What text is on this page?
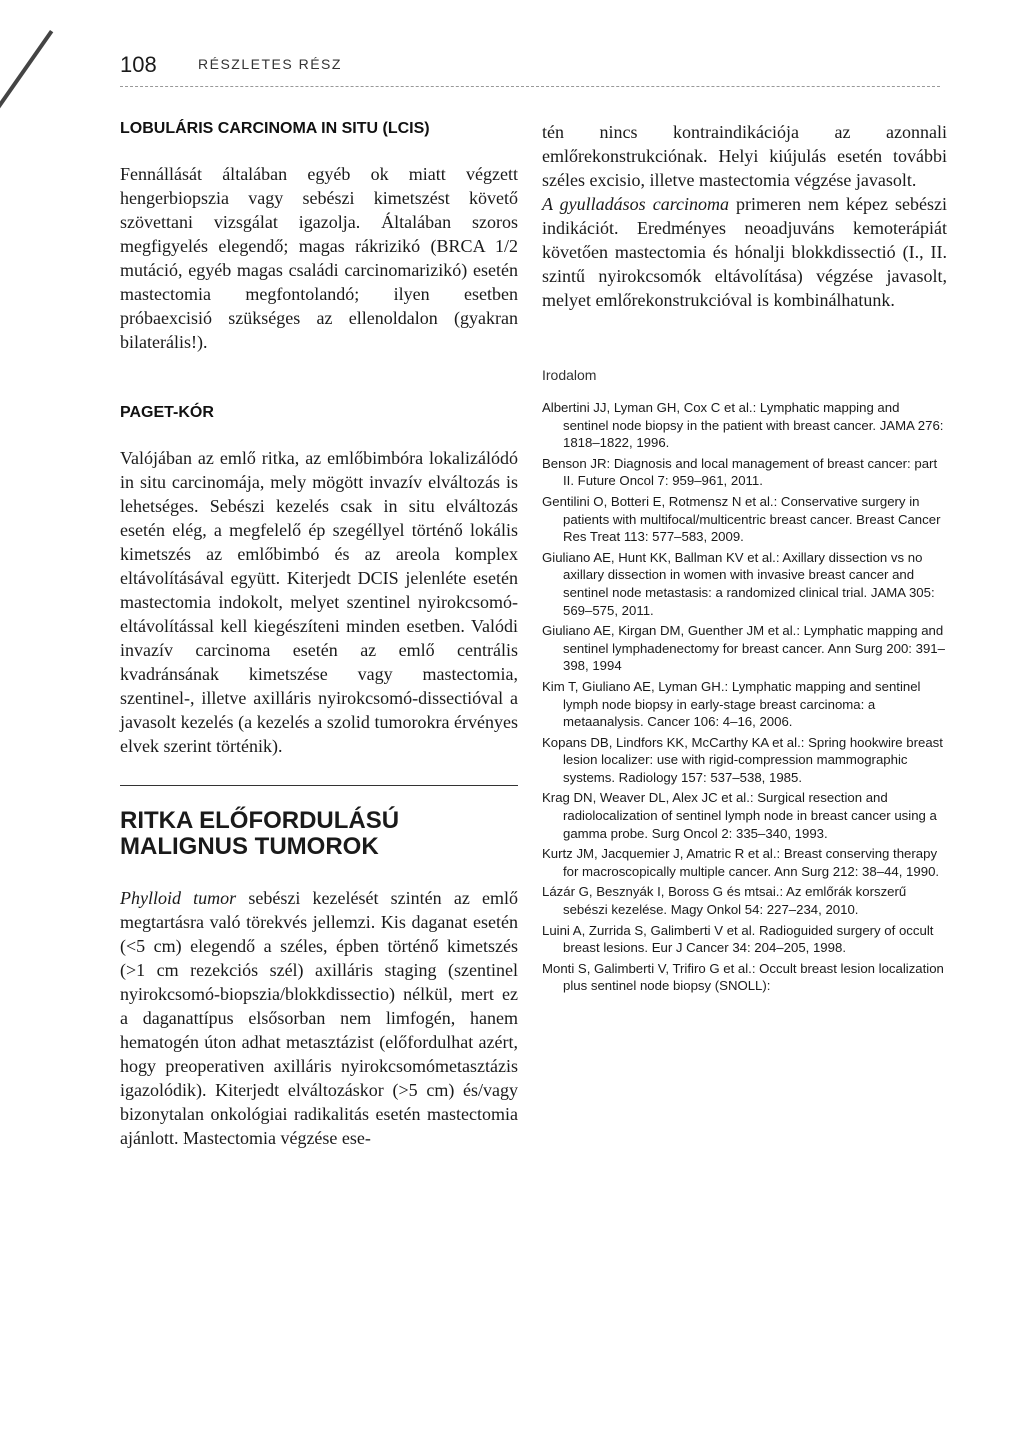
108	RÉSZLETES RÉSZ
LOBULÁRIS CARCINOMA IN SITU (LCIS)

Fennállását általában egyéb ok miatt végzett hengerbiopszia vagy sebészi kimetszést követő szövettani vizsgálat igazolja. Általában szoros megfigyelés elegendő; magas rákrizikó (BRCA 1/2 mutáció, egyéb magas családi carcinomarizikó) esetén mastectomia megfontolandó; ilyen esetben próbaexcisió szükséges az ellenoldalon (gyakran bilaterális!).

PAGET-KÓR

Valójában az emlő ritka, az emlőbimbóra lokalizálódó in situ carcinomája, mely mögött invazív elváltozás is lehetséges. Sebészi kezelés csak in situ elváltozás esetén elég, a megfelelő ép szegéllyel történő lokális kimetszés az emlőbimbó és az areola komplex eltávolításával együtt. Kiterjedt DCIS jelenléte esetén mastectomia indokolt, melyet szentinel nyirokcsomó-eltávolítással kell kiegészíteni minden esetben. Valódi invazív carcinoma esetén az emlő centrális kvadránsának kimetszése vagy mastectomia, szentinel-, illetve axilláris nyirokcsomó-dissectióval a javasolt kezelés (a kezelés a szolid tumorokra érvényes elvek szerint történik).

RITKA ELŐFORDULÁSÚ
MALIGNUS TUMOROK

Phylloid tumor sebészi kezelését szintén az emlő megtartásra való törekvés jellemzi. Kis daganat esetén (<5 cm) elegendő a széles, épben történő kimetszés (>1 cm rezekciós szél) axilláris staging (szentinel nyirokcsomó-biopszia/blokkdissectio) nélkül, mert ez a daganattípus elsősorban nem limfogén, hanem hematogén úton adhat metasztázist (előfordulhat azért, hogy preoperativen axilláris nyirokcsomómetasztázis igazolódik). Kiterjedt elváltozáskor (>5 cm) és/vagy bizonytalan onkológiai radikalitás esetén mastectomia ajánlott. Mastectomia végzése ese-

tén nincs kontraindikációja az azonnali emlőrekonstrukciónak. Helyi kiújulás esetén további széles excisio, illetve mastectomia végzése javasolt.

A gyulladásos carcinoma primeren nem képez sebészi indikációt. Eredményes neoadjuváns kemoterápiát követően mastectomia és hónalji blokkdissectió (I., II. szintű nyirokcsomók eltávolítása) végzése javasolt, melyet emlőrekonstrukcióval is kombinálhatunk.

Irodalom
Albertini JJ, Lyman GH, Cox C et al.: Lymphatic mapping and sentinel node biopsy in the patient with breast cancer. JAMA 276: 1818–1822, 1996.
Benson JR: Diagnosis and local management of breast cancer: part II. Future Oncol 7: 959–961, 2011.
Gentilini O, Botteri E, Rotmensz N et al.: Conservative surgery in patients with multifocal/multicentric breast cancer. Breast Cancer Res Treat 113: 577–583, 2009.
Giuliano AE, Hunt KK, Ballman KV et al.: Axillary dissection vs no axillary dissection in women with invasive breast cancer and sentinel node metastasis: a randomized clinical trial. JAMA 305: 569–575, 2011.
Giuliano AE, Kirgan DM, Guenther JM et al.: Lymphatic mapping and sentinel lymphadenectomy for breast cancer. Ann Surg 200: 391–398, 1994
Kim T, Giuliano AE, Lyman GH.: Lymphatic mapping and sentinel lymph node biopsy in early-stage breast carcinoma: a metaanalysis. Cancer 106: 4–16, 2006.
Kopans DB, Lindfors KK, McCarthy KA et al.: Spring hookwire breast lesion localizer: use with rigid-compression mammographic systems. Radiology 157: 537–538, 1985.
Krag DN, Weaver DL, Alex JC et al.: Surgical resection and radiolocalization of sentinel lymph node in breast cancer using a gamma probe. Surg Oncol 2: 335–340, 1993.
Kurtz JM, Jacquemier J, Amatric R et al.: Breast conserving therapy for macroscopically multiple cancer. Ann Surg 212: 38–44, 1990.
Lázár G, Besznyák I, Boross G és mtsai.: Az emlőrák korszerű sebészi kezelése. Magy Onkol 54: 227–234, 2010.
Luini A, Zurrida S, Galimberti V et al. Radioguided surgery of occult breast lesions. Eur J Cancer 34: 204–205, 1998.
Monti S, Galimberti V, Trifiro G et al.: Occult breast lesion localization plus sentinel node biopsy (SNOLL):
